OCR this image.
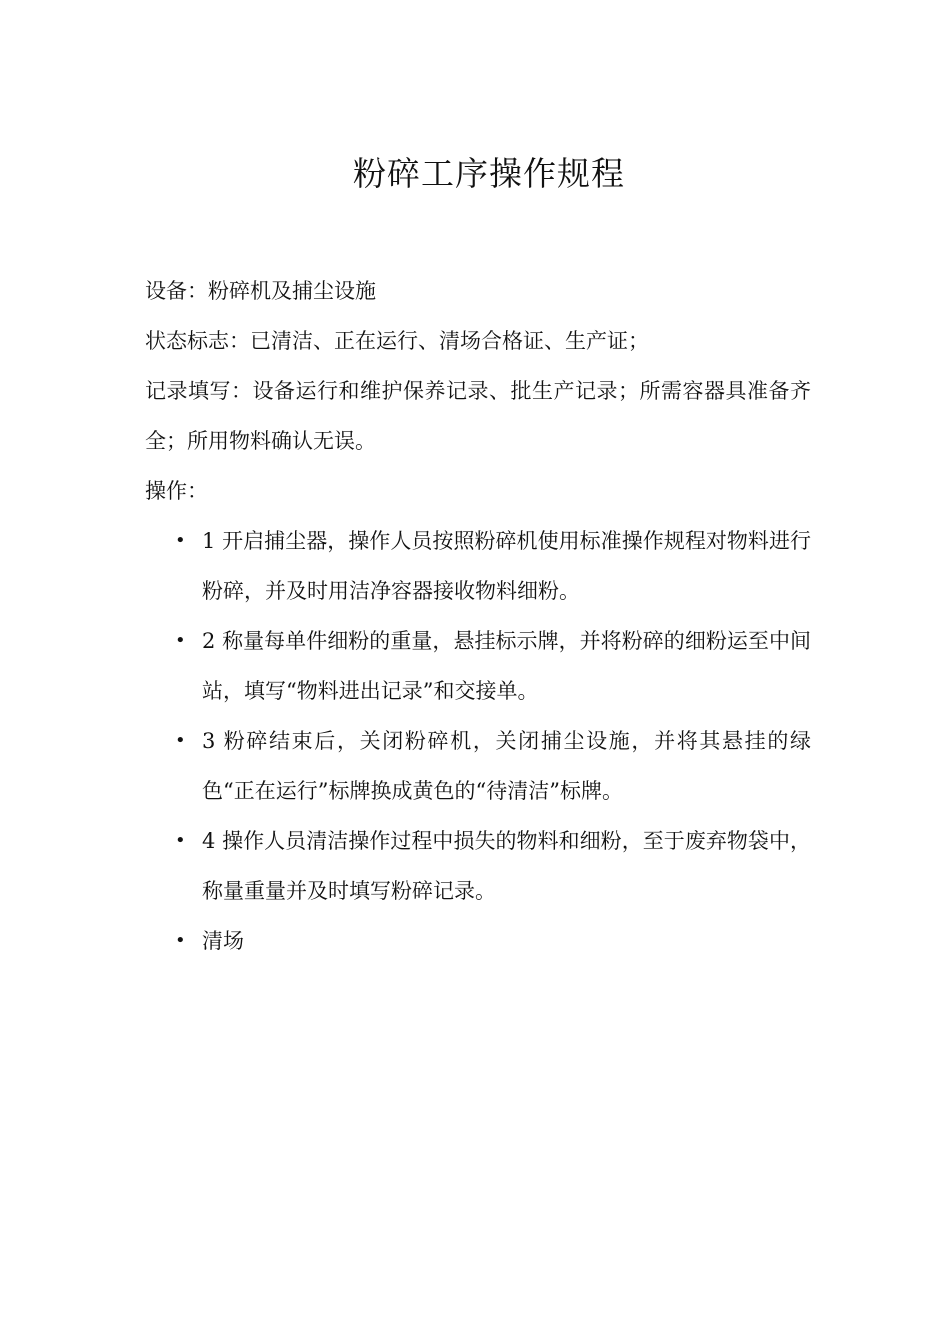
粉碎工序操作规程

设备：粉碎机及捕尘设施

状态标志：已清洁、正在运行、清场合格证、生产证；

记录填写：设备运行和维护保养记录、批生产记录；所需容器具准备齐全；所用物料确认无误。

操作：

• 1 开启捕尘器，操作人员按照粉碎机使用标准操作规程对物料进行粉碎，并及时用洁净容器接收物料细粉。
• 2 称量每单件细粉的重量，悬挂标示牌，并将粉碎的细粉运至中间站，填写“物料进出记录”和交接单。
• 3 粉碎结束后，关闭粉碎机，关闭捕尘设施，并将其悬挂的绿色“正在运行”标牌换成黄色的“待清洁”标牌。
• 4 操作人员清洁操作过程中损失的物料和细粉，至于废弃物袋中，称量重量并及时填写粉碎记录。
• 清场
